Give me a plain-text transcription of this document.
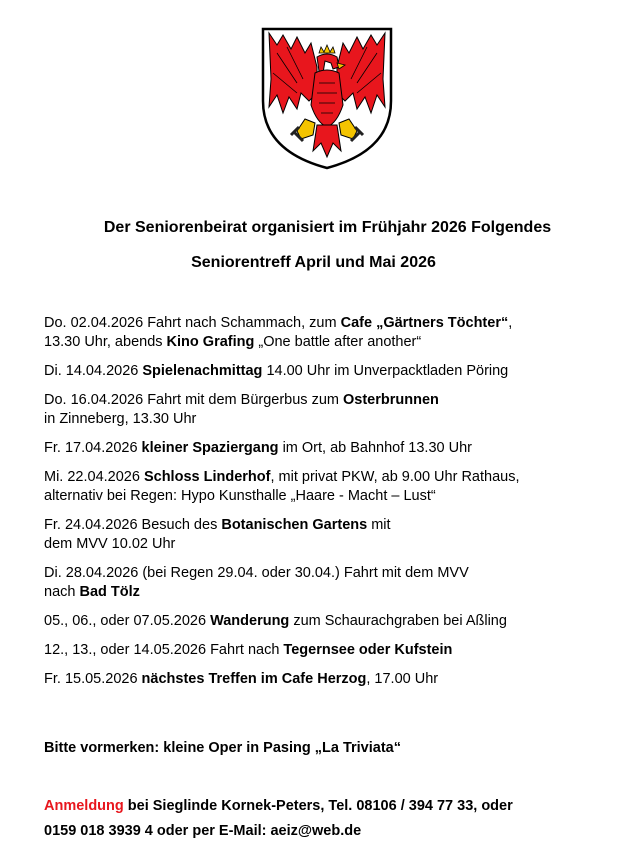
Der Seniorenbeirat organisiert im Frühjahr 2026 Folgendes
Seniorentreff April und Mai 2026
Do. 02.04.2026 Fahrt nach Schammach, zum Cafe „Gärtners Töchter“,
13.30 Uhr, abends Kino Grafing „One battle after another“
Di. 14.04.2026 Spielenachmittag 14.00 Uhr im Unverpacktladen Pöring
Do. 16.04.2026 Fahrt mit dem Bürgerbus zum Osterbrunnen
in Zinneberg, 13.30 Uhr
Fr. 17.04.2026 kleiner Spaziergang im Ort, ab Bahnhof 13.30 Uhr
Mi. 22.04.2026 Schloss Linderhof, mit privat PKW, ab 9.00 Uhr Rathaus,
alternativ bei Regen: Hypo Kunsthalle „Haare - Macht – Lust“
Fr. 24.04.2026 Besuch des Botanischen Gartens mit
dem MVV 10.02 Uhr
Di. 28.04.2026 (bei Regen 29.04. oder 30.04.) Fahrt mit dem MVV
nach Bad Tölz
05., 06., oder 07.05.2026 Wanderung zum Schaurachgraben bei Aßling
12., 13., oder 14.05.2026 Fahrt nach Tegernsee oder Kufstein
Fr. 15.05.2026 nächstes Treffen im Cafe Herzog, 17.00 Uhr
Bitte vormerken: kleine Oper in Pasing „La Triviata“
Anmeldung bei Sieglinde Kornek-Peters, Tel. 08106 / 394 77 33, oder
0159 018 3939 4 oder per E-Mail: aeiz@web.de
